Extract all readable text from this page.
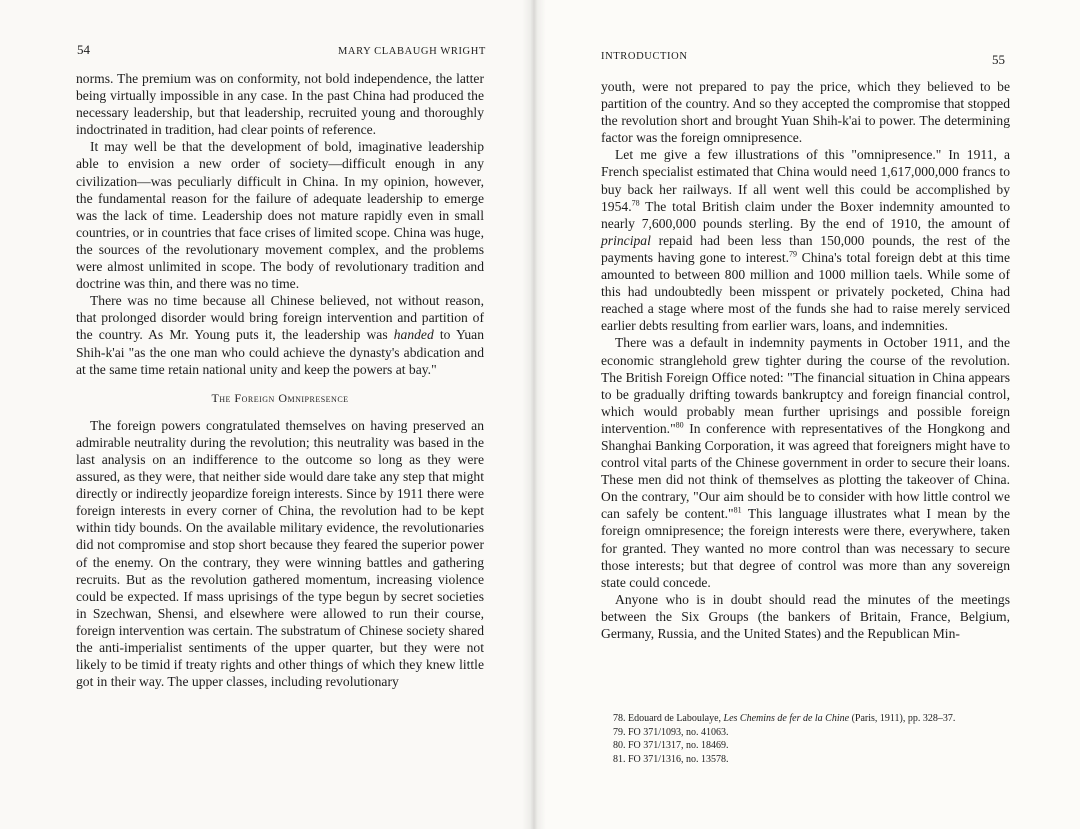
54	MARY CLABAUGH WRIGHT

norms. The premium was on conformity, not bold independence, the latter being virtually impossible in any case. In the past China had produced the necessary leadership, but that leadership, recruited young and thoroughly indoctrinated in tradition, had clear points of reference.

It may well be that the development of bold, imaginative leadership able to envision a new order of society—difficult enough in any civilization—was peculiarly difficult in China. In my opinion, however, the fundamental reason for the failure of adequate leadership to emerge was the lack of time. Leadership does not mature rapidly even in small countries, or in countries that face crises of limited scope. China was huge, the sources of the revolutionary movement complex, and the problems were almost unlimited in scope. The body of revolutionary tradition and doctrine was thin, and there was no time.

There was no time because all Chinese believed, not without reason, that prolonged disorder would bring foreign intervention and partition of the country. As Mr. Young puts it, the leadership was handed to Yuan Shih-k'ai "as the one man who could achieve the dynasty's abdication and at the same time retain national unity and keep the powers at bay."

The Foreign Omnipresence

The foreign powers congratulated themselves on having preserved an admirable neutrality during the revolution; this neutrality was based in the last analysis on an indifference to the outcome so long as they were assured, as they were, that neither side would dare take any step that might directly or indirectly jeopardize foreign interests. Since by 1911 there were foreign interests in every corner of China, the revolution had to be kept within tidy bounds. On the available military evidence, the revolutionaries did not compromise and stop short because they feared the superior power of the enemy. On the contrary, they were winning battles and gathering recruits. But as the revolution gathered momentum, increasing violence could be expected. If mass uprisings of the type begun by secret societies in Szechwan, Shensi, and elsewhere were allowed to run their course, foreign intervention was certain. The substratum of Chinese society shared the anti-imperialist sentiments of the upper quarter, but they were not likely to be timid if treaty rights and other things of which they knew little got in their way. The upper classes, including revolutionary

INTRODUCTION	55

youth, were not prepared to pay the price, which they believed to be partition of the country. And so they accepted the compromise that stopped the revolution short and brought Yuan Shih-k'ai to power. The determining factor was the foreign omnipresence.

Let me give a few illustrations of this "omnipresence." In 1911, a French specialist estimated that China would need 1,617,000,000 francs to buy back her railways. If all went well this could be accomplished by 1954.78 The total British claim under the Boxer indemnity amounted to nearly 7,600,000 pounds sterling. By the end of 1910, the amount of principal repaid had been less than 150,000 pounds, the rest of the payments having gone to interest.$^{79}$ China's total foreign debt at this time amounted to between 800 million and 1000 million taels. While some of this had undoubtedly been misspent or privately pocketed, China had reached a stage where most of the funds she had to raise merely serviced earlier debts resulting from earlier wars, loans, and indemnities.

There was a default in indemnity payments in October 1911, and the economic stranglehold grew tighter during the course of the revolution. The British Foreign Office noted: "The financial situation in China appears to be gradually drifting towards bankruptcy and foreign financial control, which would probably mean further uprisings and possible foreign intervention."$^{80}$ In conference with representatives of the Hongkong and Shanghai Banking Corporation, it was agreed that foreigners might have to control vital parts of the Chinese government in order to secure their loans. These men did not think of themselves as plotting the takeover of China. On the contrary, "Our aim should be to consider with how little control we can safely be content."$^{81}$ This language illustrates what I mean by the foreign omnipresence; the foreign interests were there, everywhere, taken for granted. They wanted no more control than was necessary to secure those interests; but that degree of control was more than any sovereign state could concede.

Anyone who is in doubt should read the minutes of the meetings between the Six Groups (the bankers of Britain, France, Belgium, Germany, Russia, and the United States) and the Republican Min-

78. Edouard de Laboulaye, Les Chemins de fer de la Chine (Paris, 1911), pp. 328–37.

79. FO 371/1093, no. 41063.

80. FO 371/1317, no. 18469.

81. FO 371/1316, no. 13578.
